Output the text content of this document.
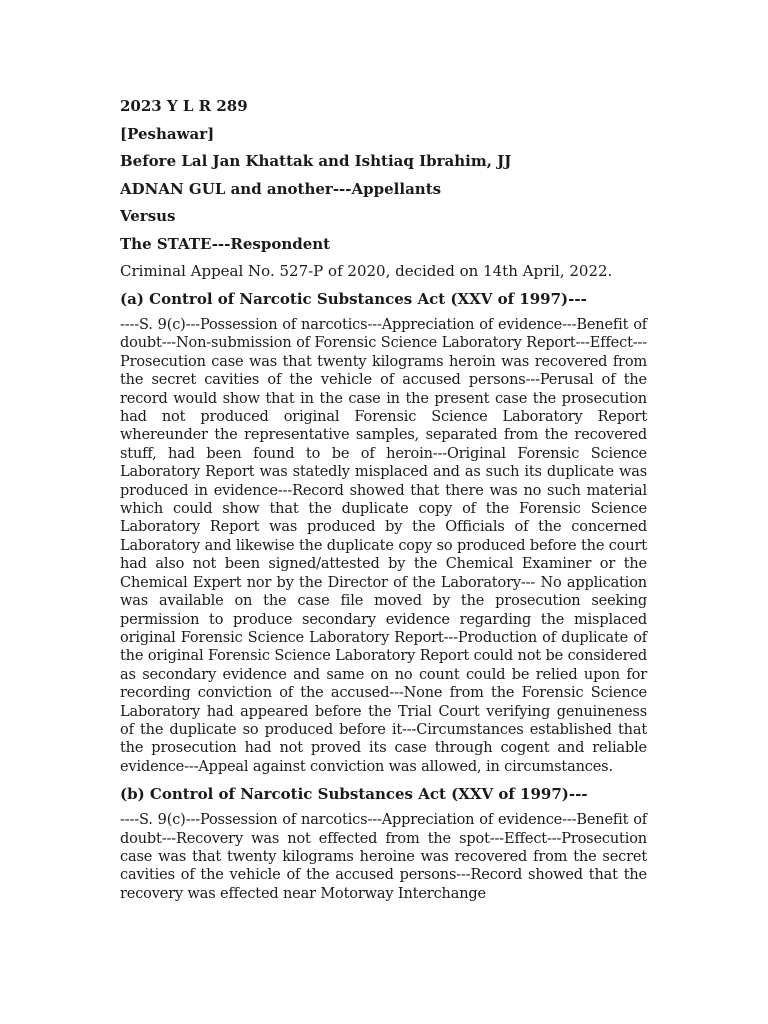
2023 Y L R 289

[Peshawar]

Before Lal Jan Khattak and Ishtiaq Ibrahim, JJ

ADNAN GUL and another---Appellants

Versus

The STATE---Respondent

Criminal Appeal No. 527-P of 2020, decided on 14th April, 2022.

(a) Control of Narcotic Substances Act (XXV of 1997)---

----S. 9(c)---Possession of narcotics---Appreciation of evidence---Benefit of doubt---Non-submission of Forensic Science Laboratory Report---Effect---Prosecution case was that twenty kilograms heroin was recovered from the secret cavities of the vehicle of accused persons---Perusal of the record would show that in the case in the present case the prosecution had not produced original Forensic Science Laboratory Report whereunder the representative samples, separated from the recovered stuff, had been found to be of heroin---Original Forensic Science Laboratory Report was statedly misplaced and as such its duplicate was produced in evidence---Record showed that there was no such material which could show that the duplicate copy of the Forensic Science Laboratory Report was produced by the Officials of the concerned Laboratory and likewise the duplicate copy so produced before the court had also not been signed/attested by the Chemical Examiner or the Chemical Expert nor by the Director of the Laboratory--- No application was available on the case file moved by the prosecution seeking permission to produce secondary evidence regarding the misplaced original Forensic Science Laboratory Report---Production of duplicate of the original Forensic Science Laboratory Report could not be considered as secondary evidence and same on no count could be relied upon for recording conviction of the accused---None from the Forensic Science Laboratory had appeared before the Trial Court verifying genuineness of the duplicate so produced before it---Circumstances established that the prosecution had not proved its case through cogent and reliable evidence---Appeal against conviction was allowed, in circumstances.

(b) Control of Narcotic Substances Act (XXV of 1997)---

----S. 9(c)---Possession of narcotics---Appreciation of evidence---Benefit of doubt---Recovery was not effected from the spot---Effect---Prosecution case was that twenty kilograms heroine was recovered from the secret cavities of the vehicle of the accused persons---Record showed that the recovery was effected near Motorway Interchange
